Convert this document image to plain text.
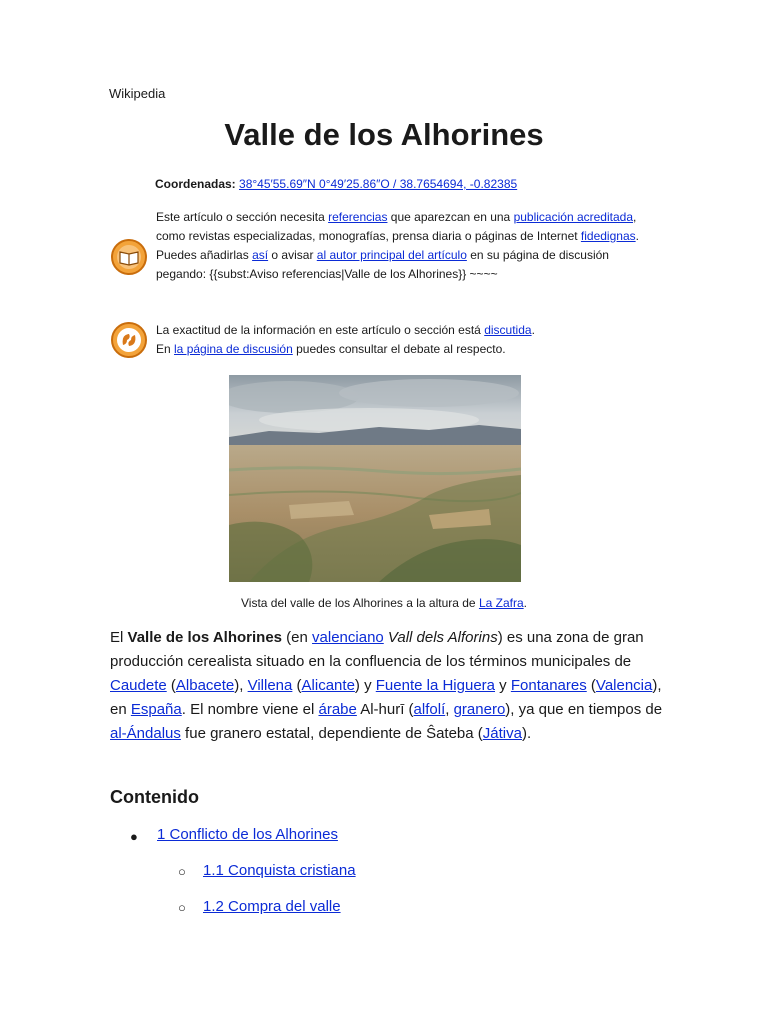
Wikipedia
Valle de los Alhorines
Coordenadas: 38°45′55.69″N 0°49′25.86″O / 38.7654694, -0.82385
Este artículo o sección necesita referencias que aparezcan en una publicación acreditada, como revistas especializadas, monografías, prensa diaria o páginas de Internet fidedignas.
Puedes añadirlas así o avisar al autor principal del artículo en su página de discusión pegando: {{subst:Aviso referencias|Valle de los Alhorines}} ~~~~
La exactitud de la información en este artículo o sección está discutida.
En la página de discusión puedes consultar el debate al respecto.
Vista del valle de los Alhorines a la altura de La Zafra.

El Valle de los Alhorines (en valenciano Vall dels Alforins) es una zona de gran producción cerealista situado en la confluencia de los términos municipales de Caudete (Albacete), Villena (Alicante) y Fuente la Higuera y Fontanares (Valencia), en España. El nombre viene el árabe Al-hurī (alfolí, granero), ya que en tiempos de al-Ándalus fue granero estatal, dependiente de Ŝateba (Játiva).

Contenido
● 1 Conflicto de los Alhorines
○ 1.1 Conquista cristiana
○ 1.2 Compra del valle
